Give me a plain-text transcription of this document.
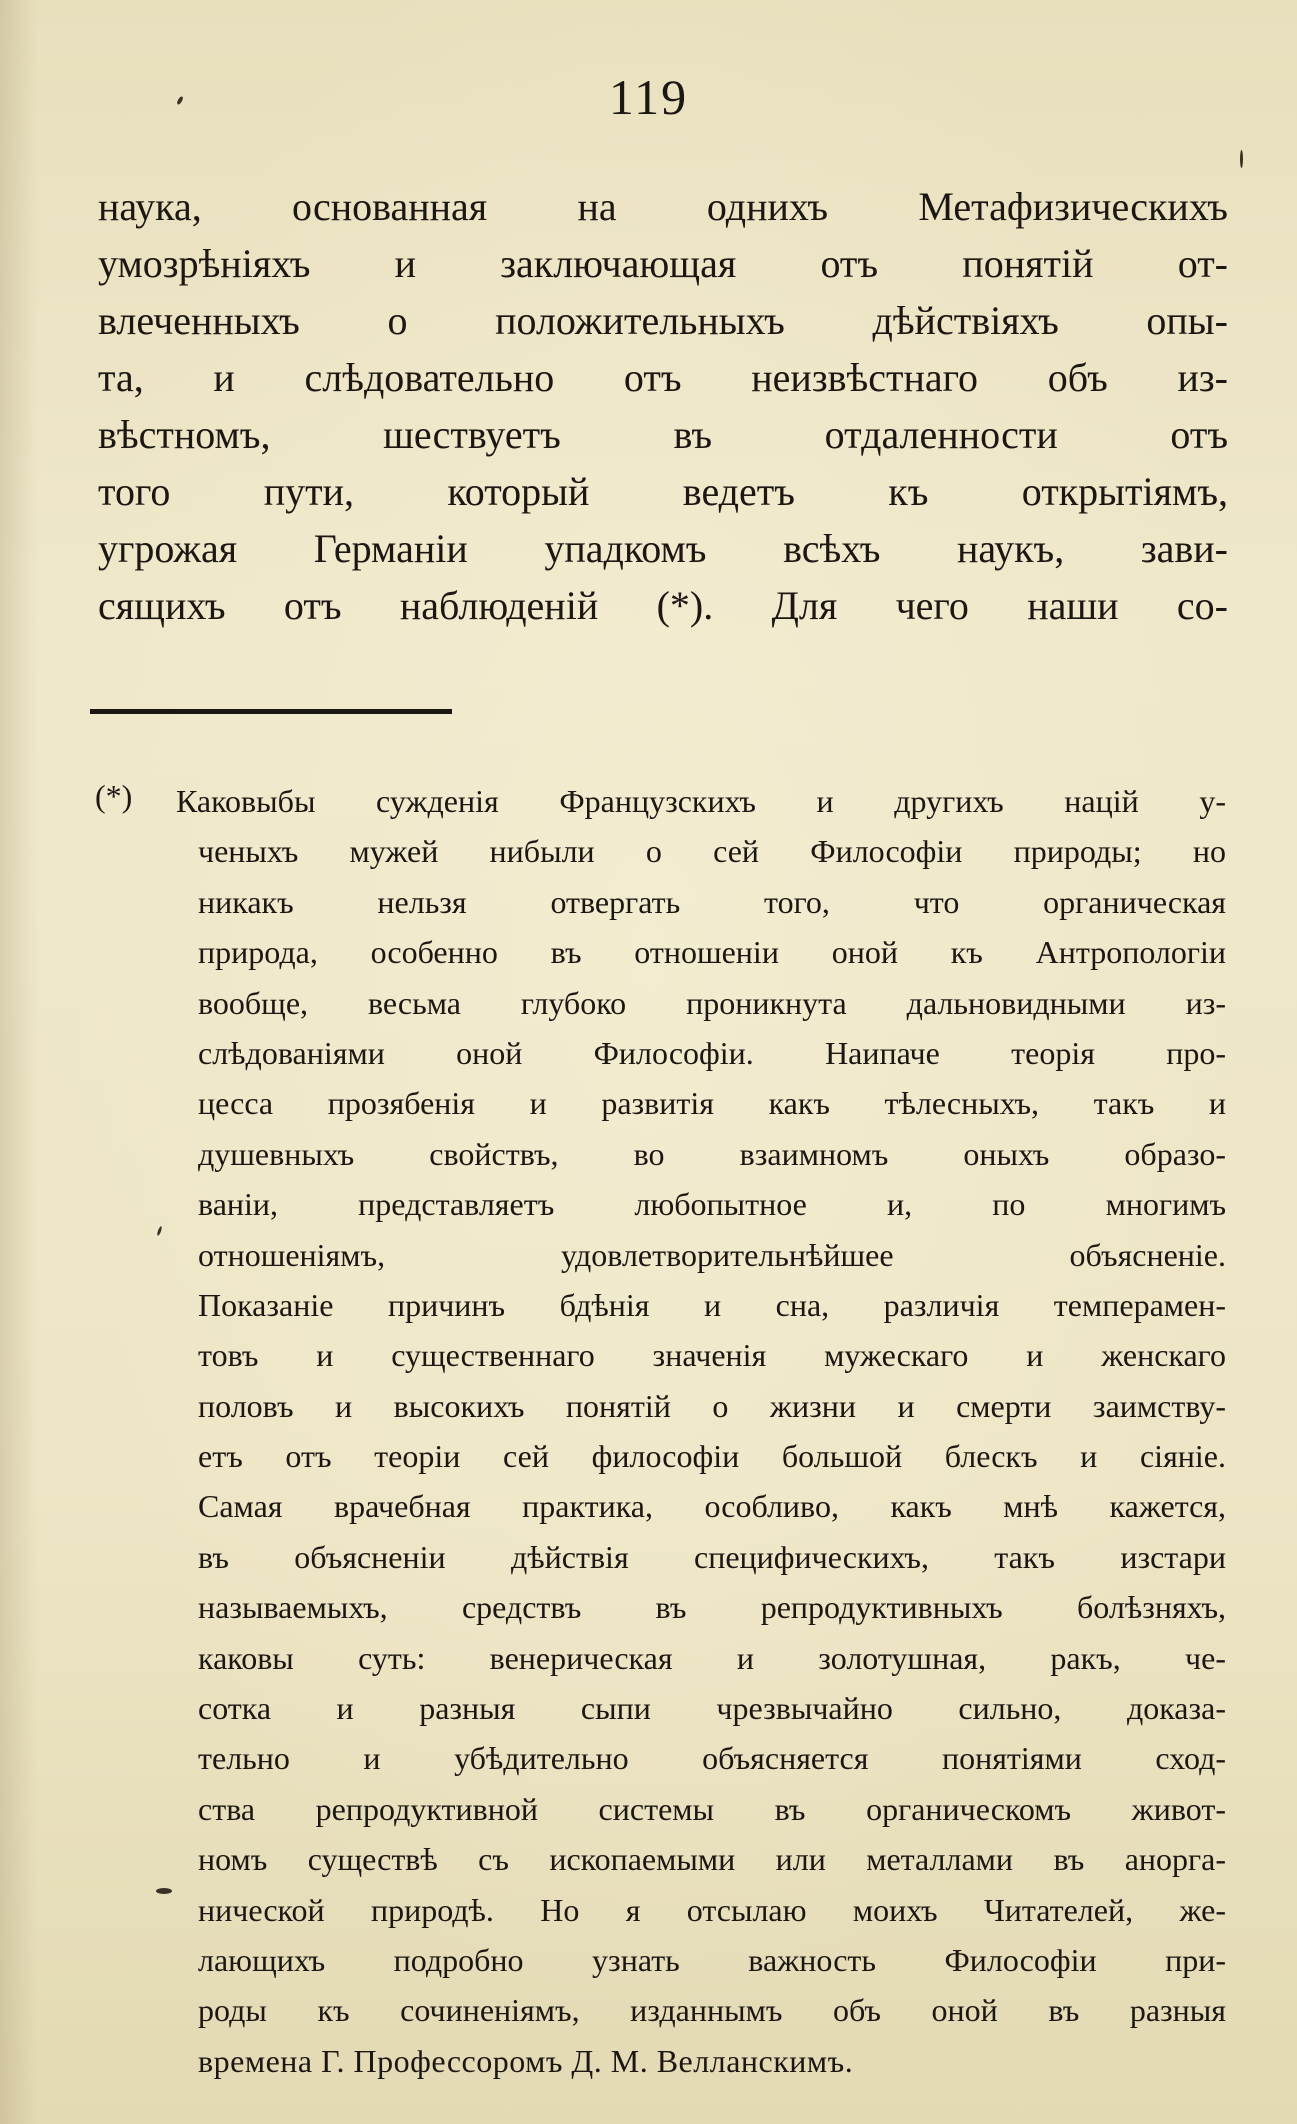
119
наука, основанная на однихъ Метафизическихъ
умозрѣніяхъ и заключающая отъ понятій от-
влеченныхъ о положительныхъ дѣйствіяхъ опы-
та, и слѣдовательно отъ неизвѣстнаго объ из-
вѣстномъ, шествуетъ въ отдаленности отъ
того пути, который ведетъ къ открытіямъ,
угрожая Германіи упадкомъ всѣхъ наукъ, зави-
сящихъ отъ наблюденій (*). Для чего наши со-
(*) Каковыбы сужденія Французскихъ и другихъ націй у-
ченыхъ мужей нибыли о сей Философіи природы; но
никакъ нельзя отвергать того, что органическая
природа, особенно въ отношеніи оной къ Антропологіи
вообще, весьма глубоко проникнута дальновидными из-
слѣдованіями оной Философіи. Наипаче теорія про-
цесса прозябенія и развитія какъ тѣлесныхъ, такъ и
душевныхъ свойствъ, во взаимномъ оныхъ образо-
ваніи, представляетъ любопытное и, по многимъ
отношеніямъ, удовлетворительнѣйшее объясненіе.
Показаніе причинъ бдѣнія и сна, различія темперамен-
товъ и существеннаго значенія мужескаго и женскаго
половъ и высокихъ понятій о жизни и смерти заимству-
етъ отъ теоріи сей философіи большой блескъ и сіяніе.
Самая врачебная практика, особливо, какъ мнѣ кажется,
въ объясненіи дѣйствія специфическихъ, такъ изстари
называемыхъ, средствъ въ репродуктивныхъ болѣзняхъ,
каковы суть: венерическая и золотушная, ракъ, че-
сотка и разныя сыпи чрезвычайно сильно, доказа-
тельно и убѣдительно объясняется понятіями сход-
ства репродуктивной системы въ органическомъ живот-
номъ существѣ съ ископаемыми или металлами въ анорга-
нической природѣ. Но я отсылаю моихъ Читателей, же-
лающихъ подробно узнать важность Философіи при-
роды къ сочиненіямъ, изданнымъ объ оной въ разныя
времена Г. Профессоромъ Д. М. Велланскимъ.
